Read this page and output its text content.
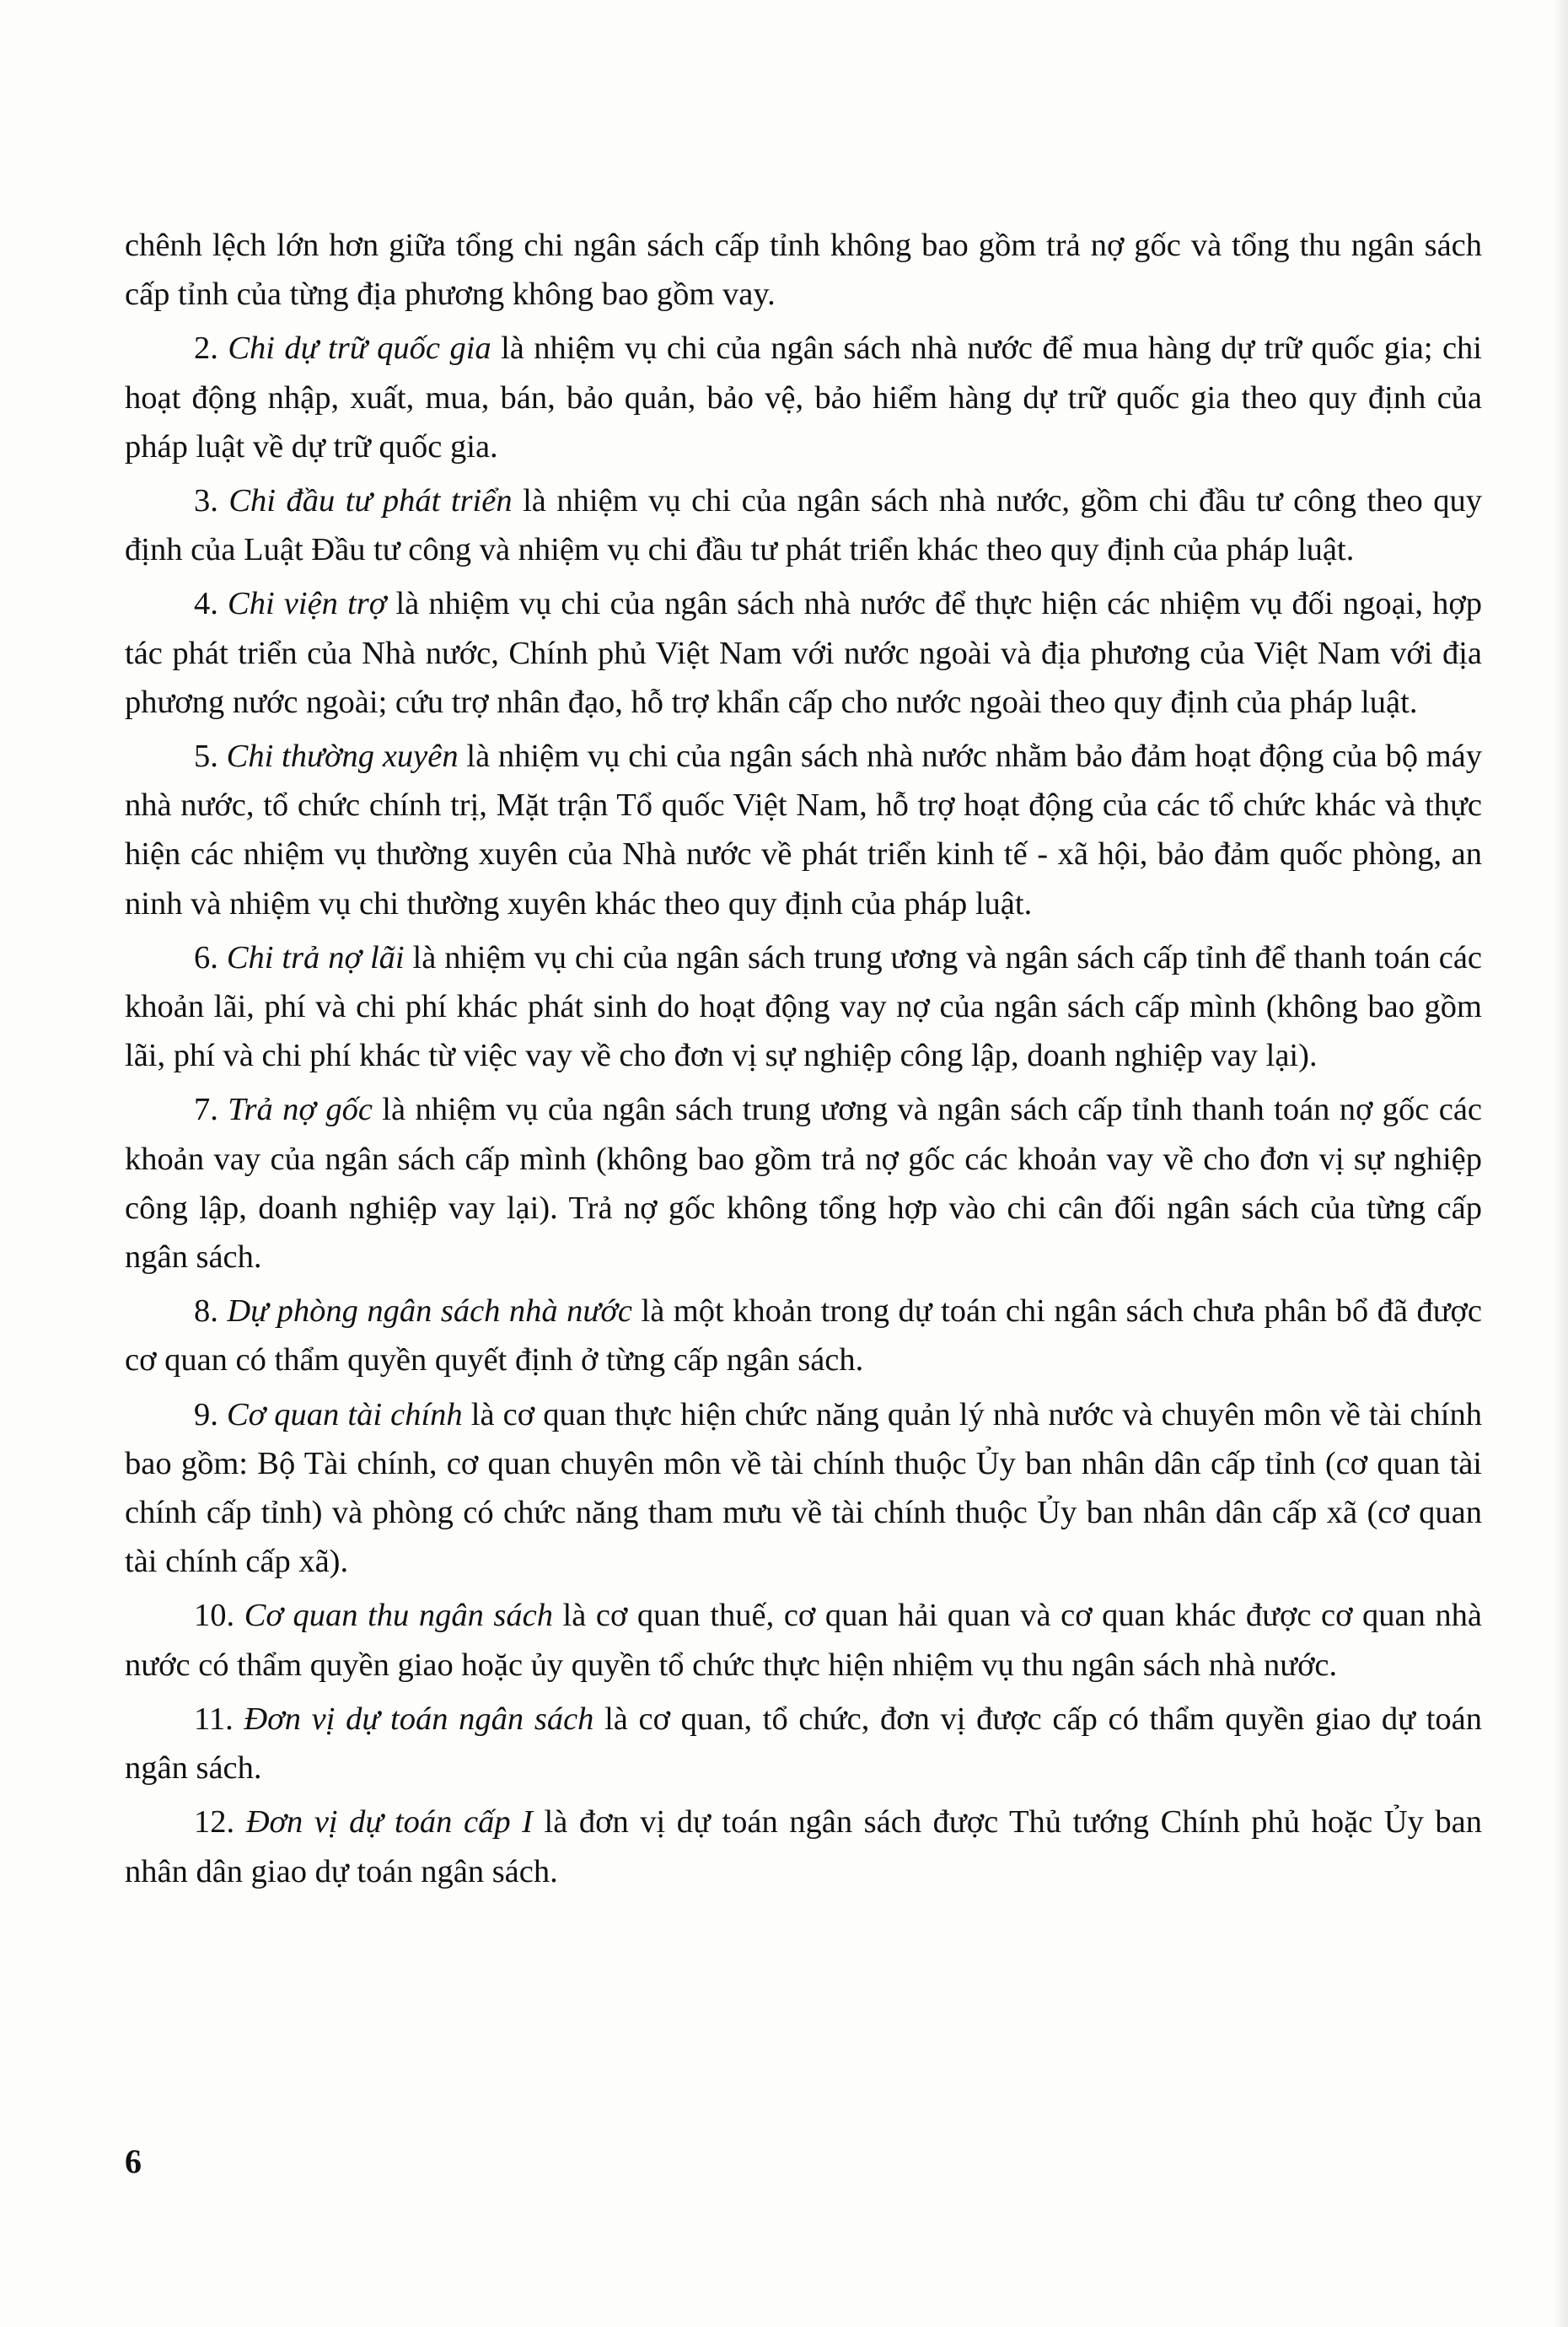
chênh lệch lớn hơn giữa tổng chi ngân sách cấp tỉnh không bao gồm trả nợ gốc và tổng thu ngân sách cấp tỉnh của từng địa phương không bao gồm vay.

2. Chi dự trữ quốc gia là nhiệm vụ chi của ngân sách nhà nước để mua hàng dự trữ quốc gia; chi hoạt động nhập, xuất, mua, bán, bảo quản, bảo vệ, bảo hiểm hàng dự trữ quốc gia theo quy định của pháp luật về dự trữ quốc gia.

3. Chi đầu tư phát triển là nhiệm vụ chi của ngân sách nhà nước, gồm chi đầu tư công theo quy định của Luật Đầu tư công và nhiệm vụ chi đầu tư phát triển khác theo quy định của pháp luật.

4. Chi viện trợ là nhiệm vụ chi của ngân sách nhà nước để thực hiện các nhiệm vụ đối ngoại, hợp tác phát triển của Nhà nước, Chính phủ Việt Nam với nước ngoài và địa phương của Việt Nam với địa phương nước ngoài; cứu trợ nhân đạo, hỗ trợ khẩn cấp cho nước ngoài theo quy định của pháp luật.

5. Chi thường xuyên là nhiệm vụ chi của ngân sách nhà nước nhằm bảo đảm hoạt động của bộ máy nhà nước, tổ chức chính trị, Mặt trận Tổ quốc Việt Nam, hỗ trợ hoạt động của các tổ chức khác và thực hiện các nhiệm vụ thường xuyên của Nhà nước về phát triển kinh tế - xã hội, bảo đảm quốc phòng, an ninh và nhiệm vụ chi thường xuyên khác theo quy định của pháp luật.

6. Chi trả nợ lãi là nhiệm vụ chi của ngân sách trung ương và ngân sách cấp tỉnh để thanh toán các khoản lãi, phí và chi phí khác phát sinh do hoạt động vay nợ của ngân sách cấp mình (không bao gồm lãi, phí và chi phí khác từ việc vay về cho đơn vị sự nghiệp công lập, doanh nghiệp vay lại).

7. Trả nợ gốc là nhiệm vụ của ngân sách trung ương và ngân sách cấp tỉnh thanh toán nợ gốc các khoản vay của ngân sách cấp mình (không bao gồm trả nợ gốc các khoản vay về cho đơn vị sự nghiệp công lập, doanh nghiệp vay lại). Trả nợ gốc không tổng hợp vào chi cân đối ngân sách của từng cấp ngân sách.

8. Dự phòng ngân sách nhà nước là một khoản trong dự toán chi ngân sách chưa phân bổ đã được cơ quan có thẩm quyền quyết định ở từng cấp ngân sách.

9. Cơ quan tài chính là cơ quan thực hiện chức năng quản lý nhà nước và chuyên môn về tài chính bao gồm: Bộ Tài chính, cơ quan chuyên môn về tài chính thuộc Ủy ban nhân dân cấp tỉnh (cơ quan tài chính cấp tỉnh) và phòng có chức năng tham mưu về tài chính thuộc Ủy ban nhân dân cấp xã (cơ quan tài chính cấp xã).

10. Cơ quan thu ngân sách là cơ quan thuế, cơ quan hải quan và cơ quan khác được cơ quan nhà nước có thẩm quyền giao hoặc ủy quyền tổ chức thực hiện nhiệm vụ thu ngân sách nhà nước.

11. Đơn vị dự toán ngân sách là cơ quan, tổ chức, đơn vị được cấp có thẩm quyền giao dự toán ngân sách.

12. Đơn vị dự toán cấp I là đơn vị dự toán ngân sách được Thủ tướng Chính phủ hoặc Ủy ban nhân dân giao dự toán ngân sách.

6
